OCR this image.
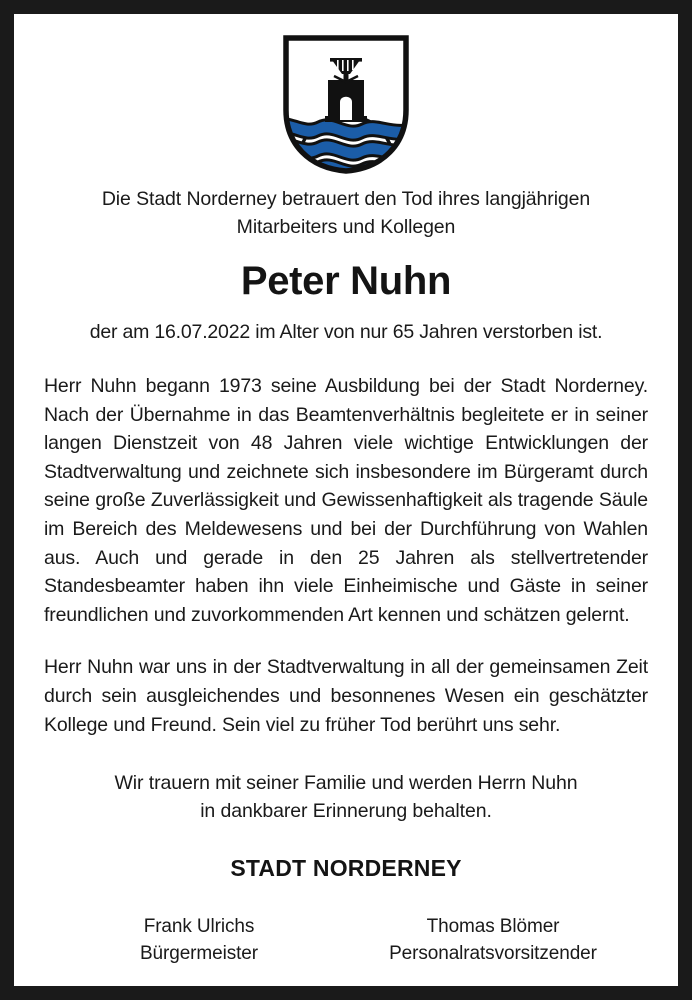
Die Stadt Norderney betrauert den Tod ihres langjährigen
Mitarbeiters und Kollegen
Peter Nuhn
der am 16.07.2022 im Alter von nur 65 Jahren verstorben ist.
Herr Nuhn begann 1973 seine Ausbildung bei der Stadt Norderney. Nach der Übernahme in das Beamtenverhältnis begleitete er in seiner langen Dienstzeit von 48 Jahren viele wichtige Entwicklungen der Stadtverwaltung und zeichnete sich insbesondere im Bürgeramt durch seine große Zuverlässigkeit und Gewissenhaftigkeit als tragende Säule im Bereich des Meldewesens und bei der Durchführung von Wahlen aus. Auch und gerade in den 25 Jahren als stellvertretender Standesbeamter haben ihn viele Einheimische und Gäste in seiner freundlichen und zuvorkommenden Art kennen und schätzen gelernt.
Herr Nuhn war uns in der Stadtverwaltung in all der gemeinsamen Zeit durch sein ausgleichendes und besonnenes Wesen ein geschätzter Kollege und Freund. Sein viel zu früher Tod berührt uns sehr.
Wir trauern mit seiner Familie und werden Herrn Nuhn
in dankbarer Erinnerung behalten.
STADT NORDERNEY
Frank Ulrichs
Bürgermeister
Thomas Blömer
Personalratsvorsitzender
